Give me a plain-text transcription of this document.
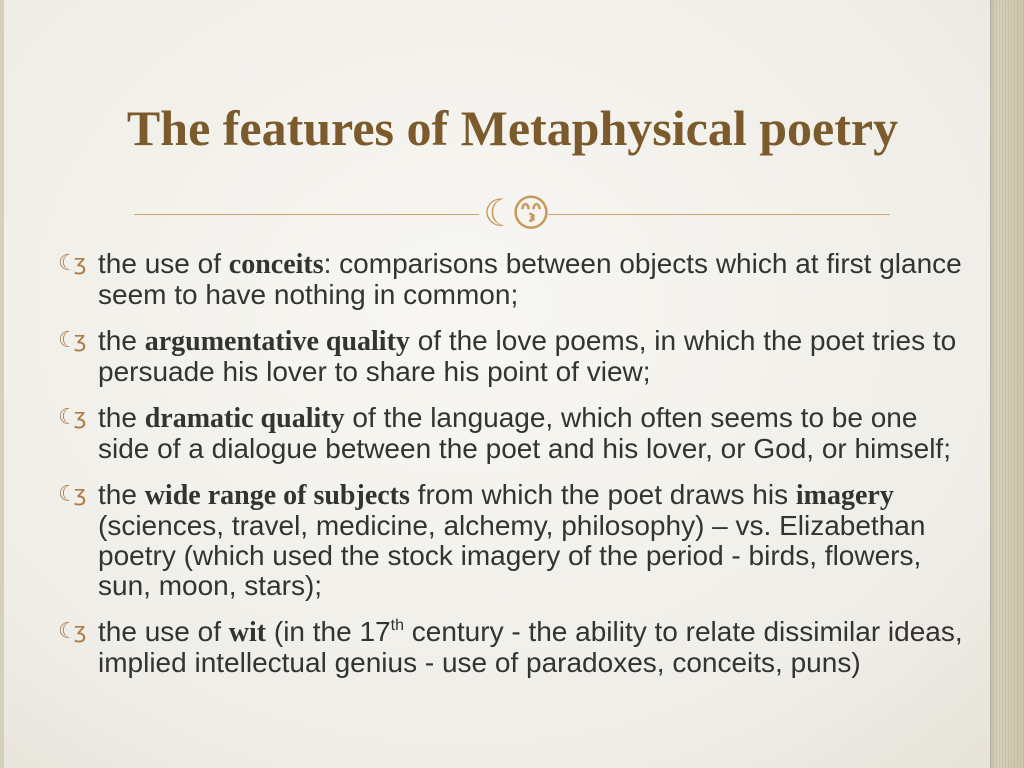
The features of Metaphysical poetry
☾😙
☾ʒ the use of conceits: comparisons between objects which at first glance seem to have nothing in common;
☾ʒ the argumentative quality of the love poems, in which the poet tries to persuade his lover to share his point of view;
☾ʒ the dramatic quality of the language, which often seems to be one side of a dialogue between the poet and his lover, or God, or himself;
☾ʒ the wide range of subjects from which the poet draws his imagery (sciences, travel, medicine, alchemy, philosophy) – vs. Elizabethan poetry (which used the stock imagery of the period - birds, flowers, sun, moon, stars);
☾ʒ the use of wit (in the 17th century - the ability to relate dissimilar ideas, implied intellectual genius - use of paradoxes, conceits, puns)
